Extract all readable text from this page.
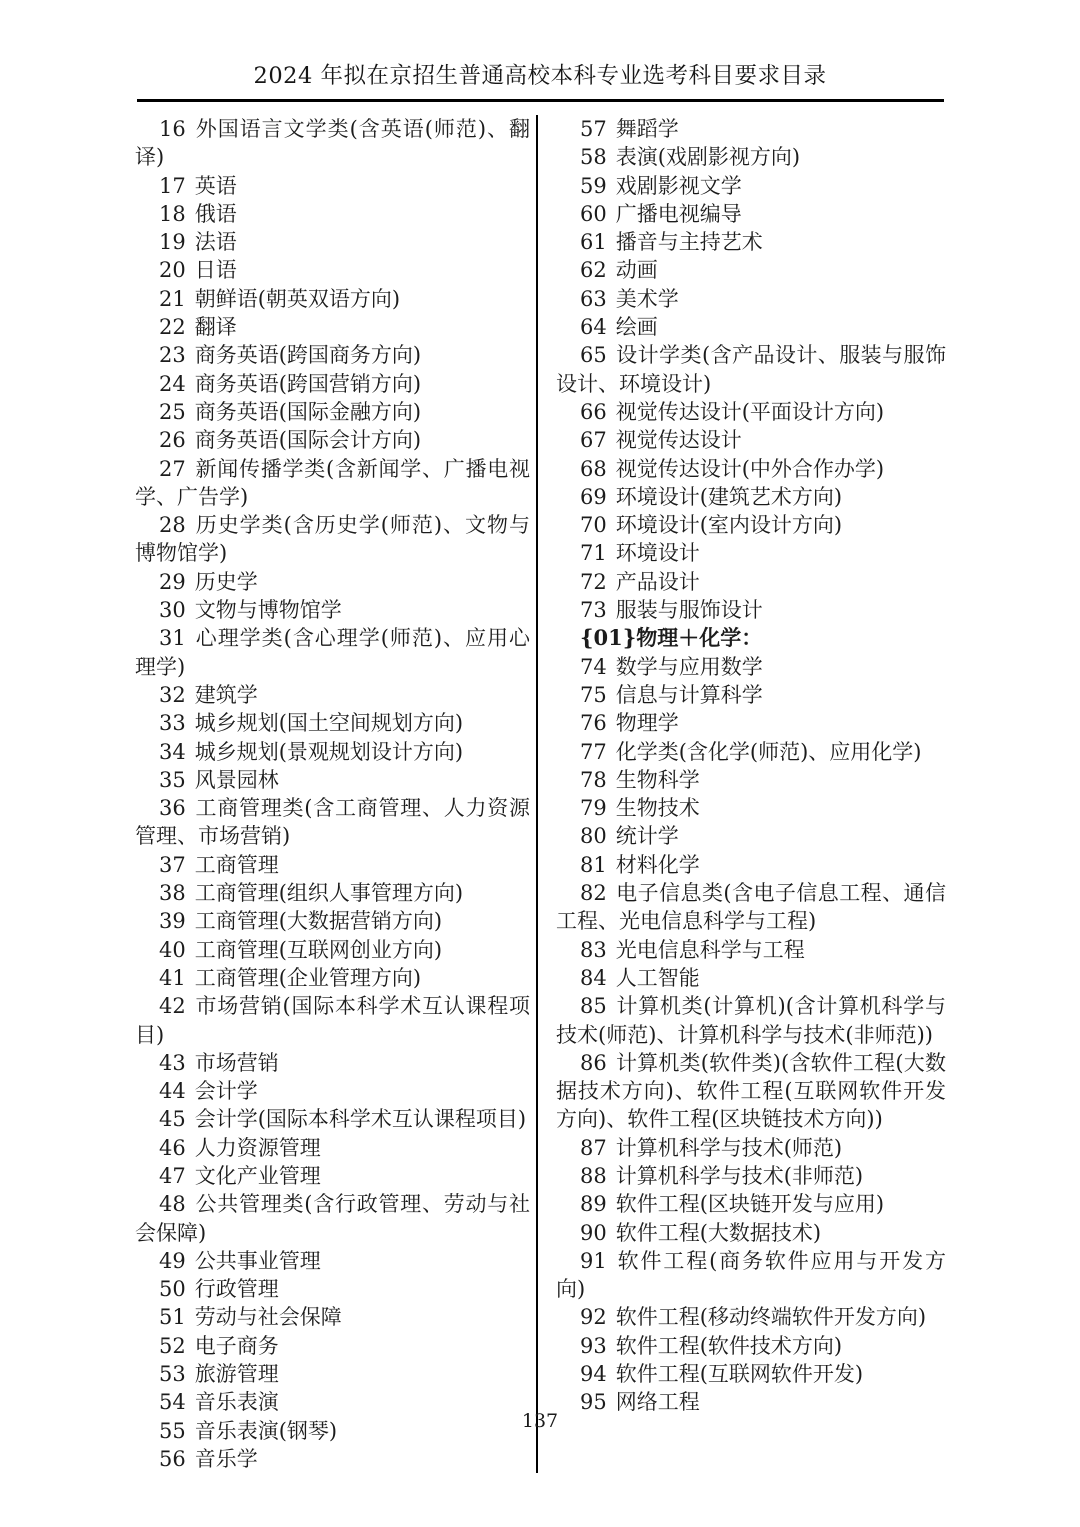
2024 年拟在京招生普通高校本科专业选考科目要求目录

16 外国语言文学类(含英语(师范)、翻译)

17 英语

18 俄语

19 法语

20 日语

21 朝鲜语(朝英双语方向)

22 翻译

23 商务英语(跨国商务方向)

24 商务英语(跨国营销方向)

25 商务英语(国际金融方向)

26 商务英语(国际会计方向)

27 新闻传播学类(含新闻学、广播电视学、广告学)

28 历史学类(含历史学(师范)、文物与博物馆学)

29 历史学

30 文物与博物馆学

31 心理学类(含心理学(师范)、应用心理学)

32 建筑学

33 城乡规划(国土空间规划方向)

34 城乡规划(景观规划设计方向)

35 风景园林

36 工商管理类(含工商管理、人力资源管理、市场营销)

37 工商管理

38 工商管理(组织人事管理方向)

39 工商管理(大数据营销方向)

40 工商管理(互联网创业方向)

41 工商管理(企业管理方向)

42 市场营销(国际本科学术互认课程项目)

43 市场营销

44 会计学

45 会计学(国际本科学术互认课程项目)

46 人力资源管理

47 文化产业管理

48 公共管理类(含行政管理、劳动与社会保障)

49 公共事业管理

50 行政管理

51 劳动与社会保障

52 电子商务

53 旅游管理

54 音乐表演

55 音乐表演(钢琴)

56 音乐学

57 舞蹈学

58 表演(戏剧影视方向)

59 戏剧影视文学

60 广播电视编导

61 播音与主持艺术

62 动画

63 美术学

64 绘画

65 设计学类(含产品设计、服装与服饰设计、环境设计)

66 视觉传达设计(平面设计方向)

67 视觉传达设计

68 视觉传达设计(中外合作办学)

69 环境设计(建筑艺术方向)

70 环境设计(室内设计方向)

71 环境设计

72 产品设计

73 服装与服饰设计

{01}物理＋化学：

74 数学与应用数学

75 信息与计算科学

76 物理学

77 化学类(含化学(师范)、应用化学)

78 生物科学

79 生物技术

80 统计学

81 材料化学

82 电子信息类(含电子信息工程、通信工程、光电信息科学与工程)

83 光电信息科学与工程

84 人工智能

85 计算机类(计算机)(含计算机科学与技术(师范)、计算机科学与技术(非师范))

86 计算机类(软件类)(含软件工程(大数据技术方向)、软件工程(互联网软件开发方向)、软件工程(区块链技术方向))

87 计算机科学与技术(师范)

88 计算机科学与技术(非师范)

89 软件工程(区块链开发与应用)

90 软件工程(大数据技术)

91 软件工程(商务软件应用与开发方向)

92 软件工程(移动终端软件开发方向)

93 软件工程(软件技术方向)

94 软件工程(互联网软件开发)

95 网络工程

137
